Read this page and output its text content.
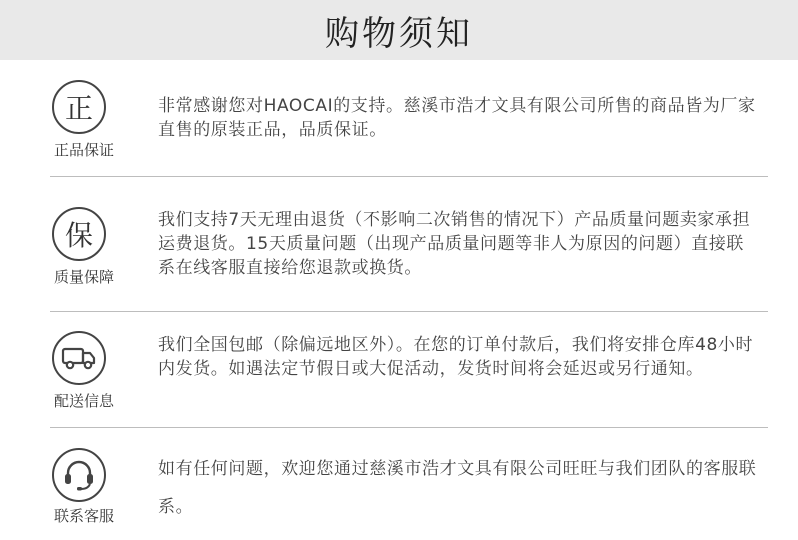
购物须知
正
正品保证
非常感谢您对HAOCAI的支持。慈溪市浩才文具有限公司所售的商品皆为厂家直售的原装正品，品质保证。
保
质量保障
我们支持7天无理由退货（不影响二次销售的情况下）产品质量问题卖家承担运费退货。15天质量问题（出现产品质量问题等非人为原因的问题）直接联系在线客服直接给您退款或换货。
配送信息
我们全国包邮（除偏远地区外）。在您的订单付款后，我们将安排仓库48小时内发货。如遇法定节假日或大促活动，发货时间将会延迟或另行通知。
联系客服
如有任何问题，欢迎您通过慈溪市浩才文具有限公司旺旺与我们团队的客服联系。
